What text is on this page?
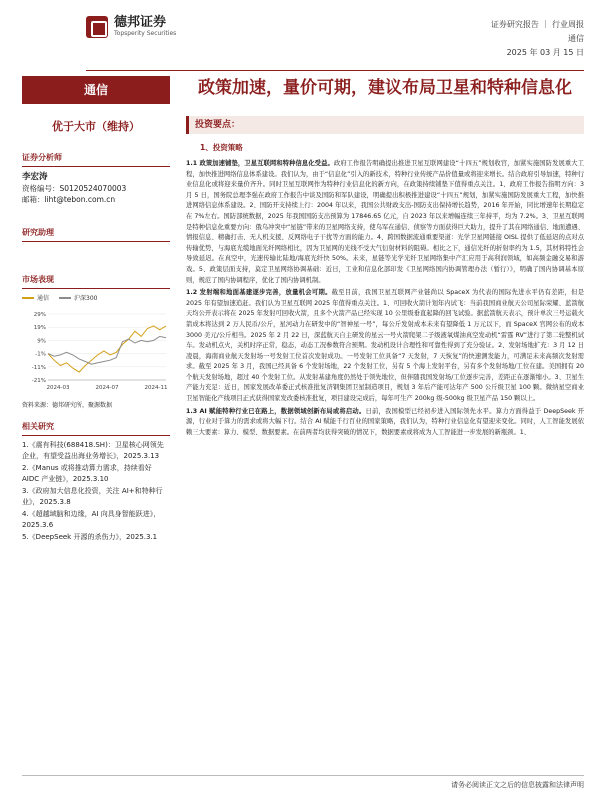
德邦证券
Topsperity Securities
证券研究报告 ｜ 行业周报
通信
2025 年 03 月 15 日
通信
优于大市（维持）
证券分析师
李宏涛
资格编号：S0120524070003
邮箱：liht@tebon.com.cn
研究助理
市场表现
通信	沪深300
29%
19%
9%
-1%
-11%
-21%
2024-03	2024-07	2024-11
资料来源：德邦研究所，聚源数据
相关研究
1.《震有科技(688418.SH)：卫星核心网领先企业，有望受益出海业务增长》，2025.3.13
2.《Manus 或将推动算力需求，持续看好 AIDC 产业链》，2025.3.10
3.《政府加大信息化投资，关注 AI+和特种行业》，2025.3.8
4.《超越域脑和边缘，AI 向具身智能跃进》，2025.3.6
5.《DeepSeek 开源的杀伤力》，2025.3.1
政策加速，量价可期，建议布局卫星和特种信息化
投资要点：
1、投资策略

1.1 政策加速铺垫，卫星互联网和特种信息化受益。政府工作报告明确提出推进卫星互联网建设“十四五”规划收官，加紧实施国防发展重大工程，加快推进网络信息体系建设。我们认为，由于“信息化”引入的新技术，特种行业传统产品价值量或将迎来增长。结合政府引导加速，特种行业信息化或将迎来量价齐升。同时卫星互联网作为特种行业信息化的新方向，在政策持续铺垫下值得重点关注。1、政府工作报告指明方向：3 月 5 日，国务院总理李强在政府工作报告中谈及国防和军队建设，明确提出积极推进建设“十四五”规划，加紧实施国防发展重大工程，加快推进网络信息体系建设。2、国防开支持续上行：2004 年以来，我国公共财政支出-国防支出保持增长趋势，2016 年开始，同比增速年长期稳定在 7%左右。国防部统数据，2025 年我国国防支出预算为 17846.65 亿元，自 2023 年以来增幅连续三年持平，均为 7.2%。3、卫星互联网是特种信息化重要方向：俄乌冲突中“星链”带来的卫星网络支持，使乌军在通信、侦察等方面获得巨大助力，提升了其在网络通信、地面遭遇、情报信息、精确打击、无人机支援、反网络电子干扰等方面的能力。4、跨国数据流通重要渠道：光学卫星网链接 OISL 提供了低延迟的点对点传输优势，与海底光缆地面光纤网络相比，因为卫星网的光线不受大气衍射材料的阻碍。相比之下，通信光纤的折射率约为 1.5，其材料特性会导致延迟。在真空中，光速传输比陆地/海底光纤快 50%。未来，星链等光学光纤卫星网络集中产汇应用于高利润领域，如高频金融交易和游戏。5、政策层面支持，莫定卫星网络协调基础：近日，工业和信息化部印发《卫星网络国内协调管理办法（暂行）》，明确了国内协调基本原则，规范了国内协调程序，优化了国内协调机制。

1.2 发射端和地面基建逐步完善，放量机会可期。截至目前，我国卫星互联网产业链尚以 SpaceX 为代表的国际先进水平仍有差距，但是 2025 年有望加速追赶。我们认为卫星互联网 2025 年值得重点关注。1、可回收火箭计划年内试飞：当前我国商业航天公司星际荣耀、蓝箭航天均公开表示将在 2025 年发射可回收火箭，且多个火箭产品已经实现 10 公里级垂直起降的回飞试验。据蓝箭航天表示，预计单次三号运载火箭成本将达到 2 万人民币/公斤，星河动力在研发中的“智神星一号”，每公斤发射成本未来有望降低 1 万元以下，而 SpaceX 官网公布的成本 3000 美元/公斤相当。2025 年 2 月 22 日，深蓝航天自主研发的星云一号火箭爬架二子级液氧煤油真空发动机“雷霆 RV”进行了第二轮整机试车。发动机点火，关机时序正常，稳态，动态工况参数符合预期。发动机设计合理性和可靠性得到了充分验证。2、发射场地扩充：3 月 12 日凌晨，海南商业航天发射场一号发射工位首次发射成功。一号发射工位具备“7 天发射，7 天恢复”的快速测发能力，可满足未来高频次发射需求。截至 2025 年 3 月，我国已经具备 6 个发射场地，22 个发射工位，另有 5 个海上发射平台，另有多个发射场地/工位在建。美国拥有 20 个航天发射场地，超过 40 个发射工位。从发射基建角度仍然处于领先地位，但伴随我国发射场/工位逐步完善，差距正在逐渐缩小。3、卫星生产能力充足：近日，国家发展改革委正式核准批复济钢集团卫星制造项目，规划 3 年后产能可达年产 500 公斤级卫星 100 颗。微纳星空商业卫星智能化产线项目正式获得国家发改委核准批复，项目建设完成后，每年可生产 200kg 级-500kg 级卫星产品 150 颗以上。

1.3 AI 赋能特种行业已在路上，数据领域创新布局或将启动。日前，我国模型已经初步进入国际领先水平。算力方面得益于 DeepSeek 开源，行业对于算力的需求或将大幅下行。结合 AI 赋能千行百业的国家策略，我们认为，特种行业信息化有望迎来变化。同时，人工智能发展依赖三大要素：算力、模型、数据要素。在前两者均获得突破的情况下，数据要素或将成为人工智能进一步发展的新瓶颈。1、

请务必阅读正文之后的信息披露和法律声明
